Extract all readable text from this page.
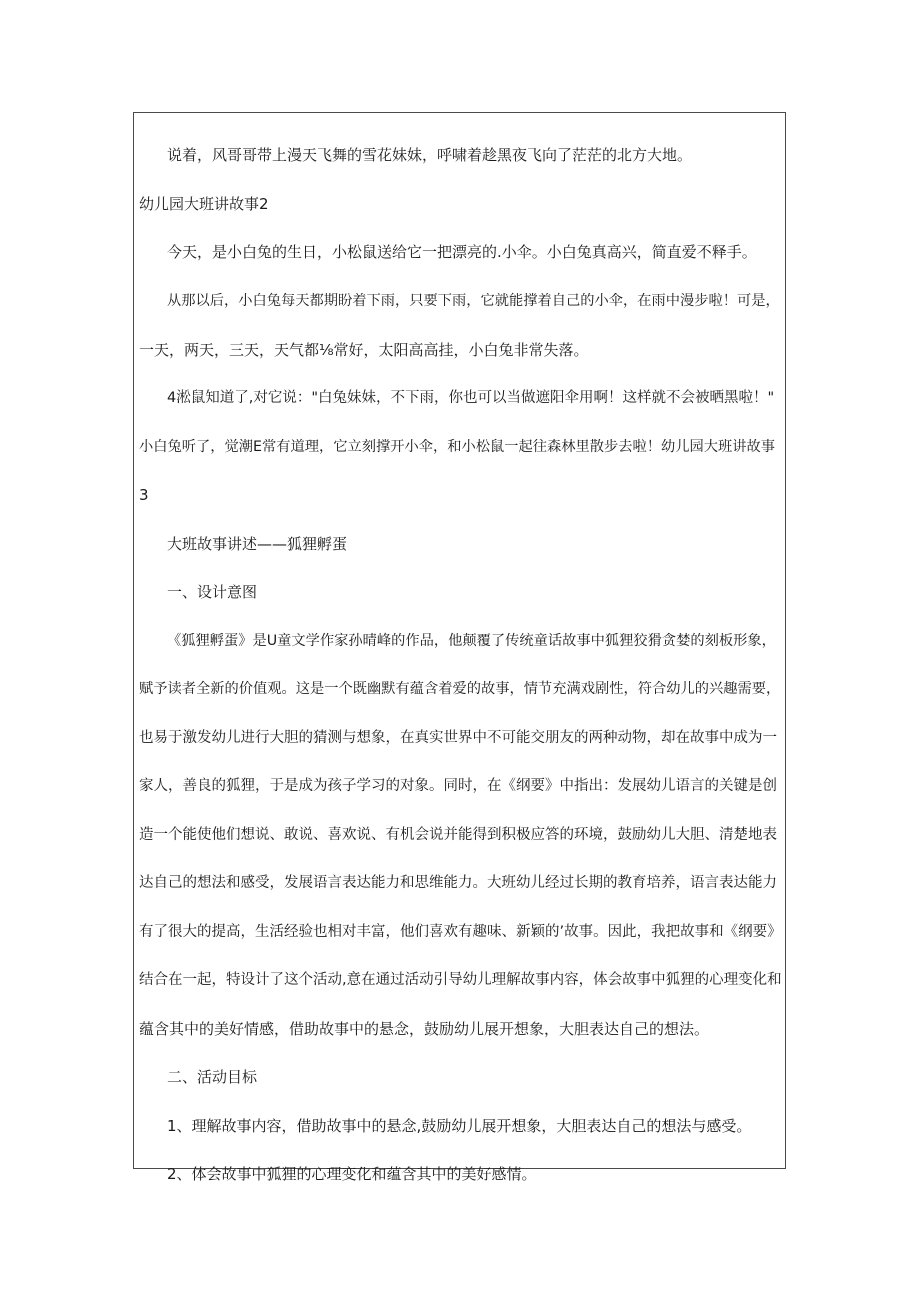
说着，风哥哥带上漫天飞舞的雪花妹妹，呼啸着趁黑夜飞向了茫茫的北方大地。
幼儿园大班讲故事2
今天，是小白兔的生日，小松鼠送给它一把漂亮的.小伞。小白兔真高兴，简直爱不释手。
从那以后，小白兔每天都期盼着下雨，只要下雨，它就能撑着自己的小伞，在雨中漫步啦！可是，
一天，两天，三天，天气都⅛常好，太阳高高挂，小白兔非常失落。
4淞鼠知道了,对它说："白兔妹妹，不下雨，你也可以当做遮阳伞用啊！这样就不会被晒黑啦！"
小白兔听了，觉潮E常有道理，它立刻撑开小伞，和小松鼠一起往森林里散步去啦！幼儿园大班讲故事
3
大班故事讲述——狐狸孵蛋
一、设计意图
《狐狸孵蛋》是U童文学作家孙晴峰的作品，他颠覆了传统童话故事中狐狸狡猾贪婪的刻板形象，
赋予读者全新的价值观。这是一个既幽默有蕴含着爱的故事，情节充满戏剧性，符合幼儿的兴趣需要，
也易于激发幼儿进行大胆的猜测与想象，在真实世界中不可能交朋友的两种动物，却在故事中成为一
家人，善良的狐狸，于是成为孩子学习的对象。同时，在《纲要》中指出：发展幼儿语言的关键是创
造一个能使他们想说、敢说、喜欢说、有机会说并能得到积极应答的环境，鼓励幼儿大胆、清楚地表
达自己的想法和感受，发展语言表达能力和思维能力。大班幼儿经过长期的教育培养，语言表达能力
有了很大的提高，生活经验也相对丰富，他们喜欢有趣味、新颖的’故事。因此，我把故事和《纲要》
结合在一起，特设计了这个活动,意在通过活动引导幼儿理解故事内容，体会故事中狐狸的心理变化和
蕴含其中的美好情感，借助故事中的悬念，鼓励幼儿展开想象，大胆表达自己的想法。
二、活动目标
1、理解故事内容，借助故事中的悬念,鼓励幼儿展开想象，大胆表达自己的想法与感受。
2、体会故事中狐狸的心理变化和蕴含其中的美好感情。
